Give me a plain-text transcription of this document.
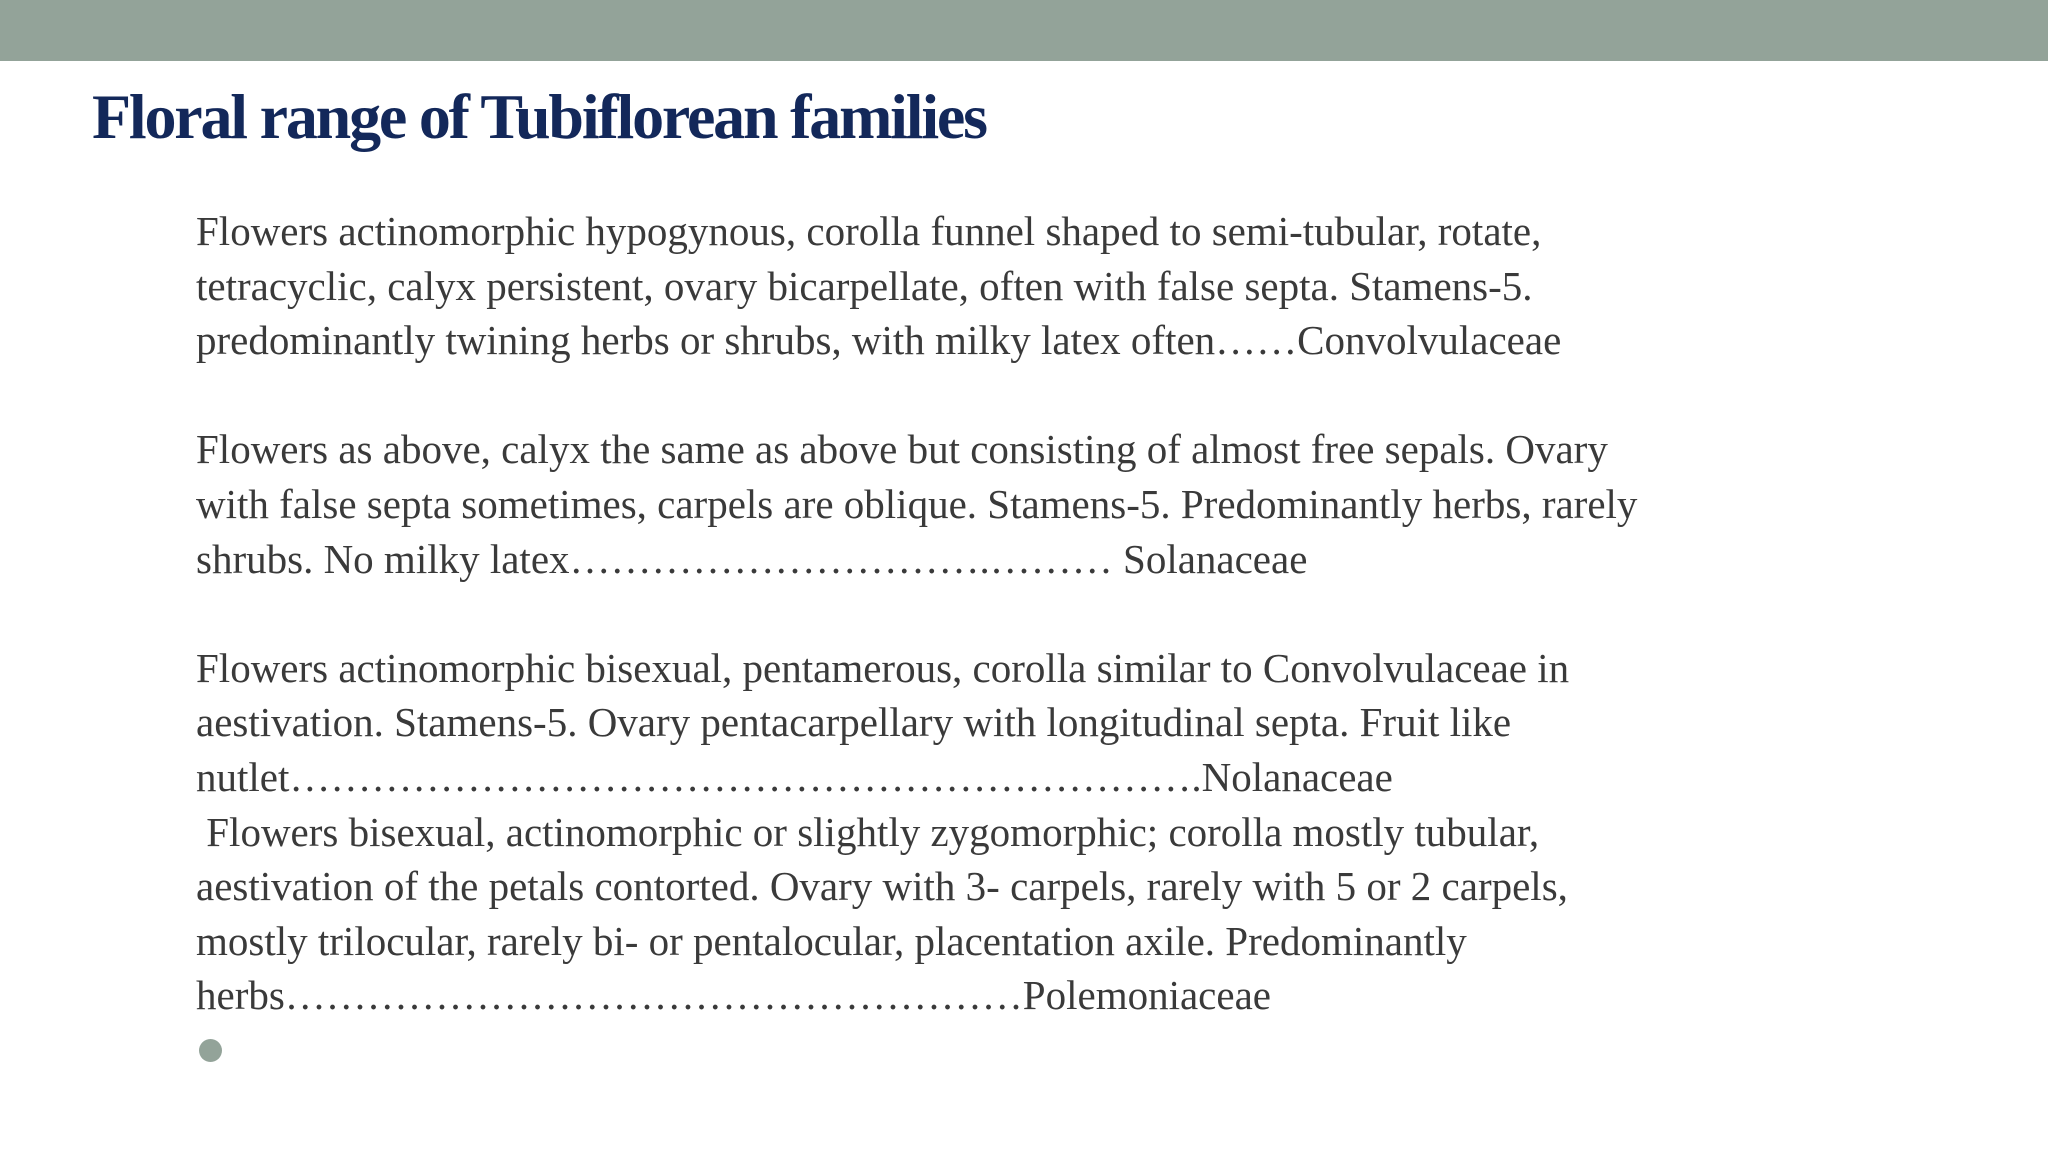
Floral range of Tubiflorean families

Flowers actinomorphic hypogynous, corolla funnel shaped to semi-tubular, rotate,
tetracyclic, calyx persistent, ovary bicarpellate, often with false septa. Stamens-5.
predominantly twining herbs or shrubs, with milky latex often……Convolvulaceae

Flowers as above, calyx the same as above but consisting of almost free sepals. Ovary
with false septa sometimes, carpels are oblique. Stamens-5. Predominantly herbs, rarely
shrubs. No milky latex………………………….……… Solanaceae

Flowers actinomorphic bisexual, pentamerous, corolla similar to Convolvulaceae in
aestivation. Stamens-5. Ovary pentacarpellary with longitudinal septa. Fruit like
nutlet………………………………………………………….Nolanaceae

Flowers bisexual, actinomorphic or slightly zygomorphic; corolla mostly tubular,
aestivation of the petals contorted. Ovary with 3- carpels, rarely with 5 or 2 carpels,
mostly trilocular, rarely bi- or pentalocular, placentation axile. Predominantly
herbs………………………………………………Polemoniaceae
